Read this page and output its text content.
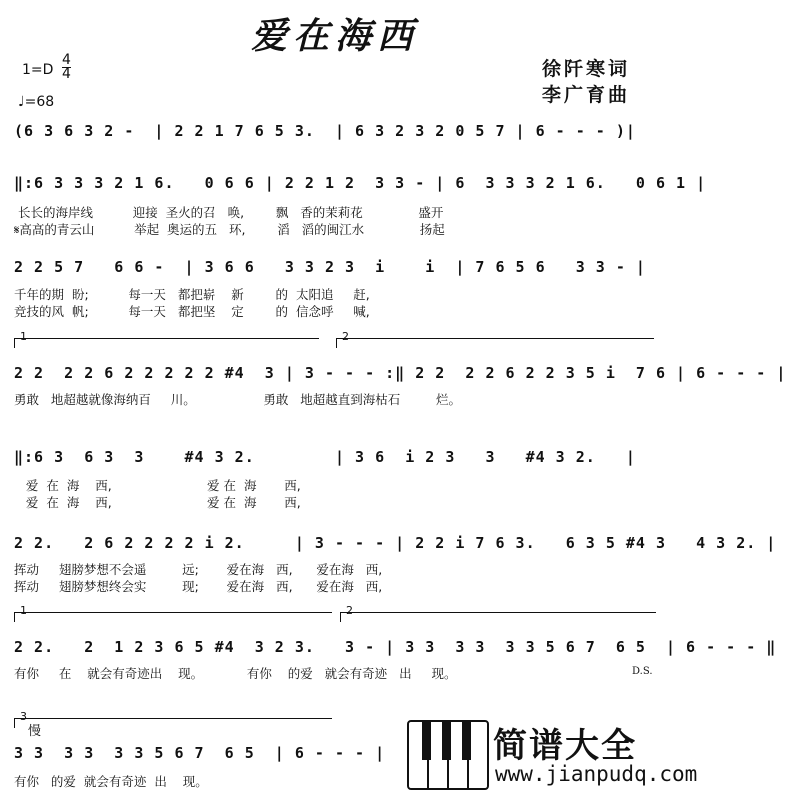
爱在海西
1=D
4
4
♩=68
徐阡寒词
李广育曲
(6 3 6 3 2 -  | 2 2 1 7 6 5 3.  | 6 3 2 3 2 0 5 7 | 6 - - - )|
‖:6 3 3 3 2 1 6.   0 6 6 | 2 2 1 2  3 3 - | 6  3 3 3 2 1 6.   0 6 1 |
长长的海岸线          迎接  圣火的召   唤,        飘   香的茉莉花              盛开
𝄋高高的青云山          举起  奥运的五   环,        滔   滔的闽江水              扬起
2 2 5 7   6 6 -  | 3 6 6   3 3 2 3  i    i  | 7 6 5 6   3 3 - |
千年的期  盼;          每一天   都把崭    新        的  太阳追     赶,
竞技的风  帆;          每一天   都把坚    定        的  信念呼     喊,
1	2
2 2  2 2 6 2 2 2 2 2 #4  3 | 3 - - - :‖ 2 2  2 2 6 2 2 3 5 i  7 6 | 6 - - - |
勇敢   地超越就像海纳百     川。                 勇敢   地超越直到海枯石         烂。
‖:6 3  6 3  3    #4 3 2.        | 3 6  i 2 3   3   #4 3 2.   |
爱  在  海    西,                        爱 在  海       西,
爱  在  海    西,                        爱 在  海       西,
2 2.   2 6 2 2 2 2 i 2.     | 3 - - - | 2 2 i 7 6 3.   6 3 5 #4 3   4 3 2. |
挥动     翅膀梦想不会遥         远;       爱在海   西,      爱在海   西,
挥动     翅膀梦想终会实         现;       爱在海   西,      爱在海   西,
1	2
2 2.   2  1 2 3 6 5 #4  3 2 3.   3 - | 3 3  3 3  3 3 5 6 7  6 5  | 6 - - - ‖
有你     在    就会有奇迹出    现。           有你    的爱   就会有奇迹   出     现。	D.S.
3
慢
3 3  3 3  3 3 5 6 7  6 5  | 6 - - - |
有你   的爱  就会有奇迹  出    现。
简谱大全
www.jianpudq.com
